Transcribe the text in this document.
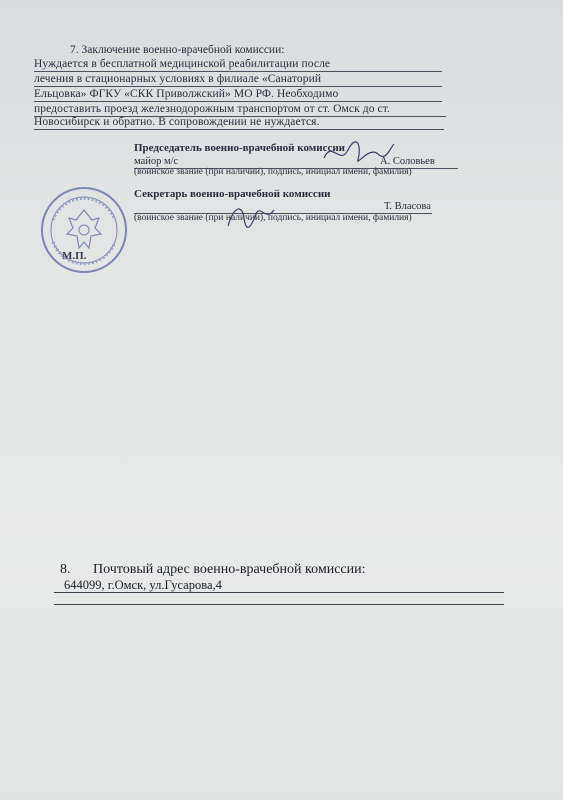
7. Заключение военно-врачебной комиссии:
Нуждается в бесплатной медицинской реабилитации после
лечения в стационарных условиях в филиале «Санаторий
Ельцовка» ФГКУ «СКК Приволжский» МО РФ. Необходимо
предоставить проезд железнодорожным транспортом от ст. Омск до ст.
Новосибирск и обратно. В сопровождении не нуждается.
Председатель военно-врачебной комиссии
майор м/с	А. Соловьев
(воинское звание (при наличии), подпись, инициал имени, фамилия)
Секретарь военно-врачебной комиссии
Т. Власова
(воинское звание (при наличии), подпись, инициал имени, фамилия)
М.П.
8. Почтовый адрес военно-врачебной комиссии:
644099, г.Омск, ул.Гусарова,4
